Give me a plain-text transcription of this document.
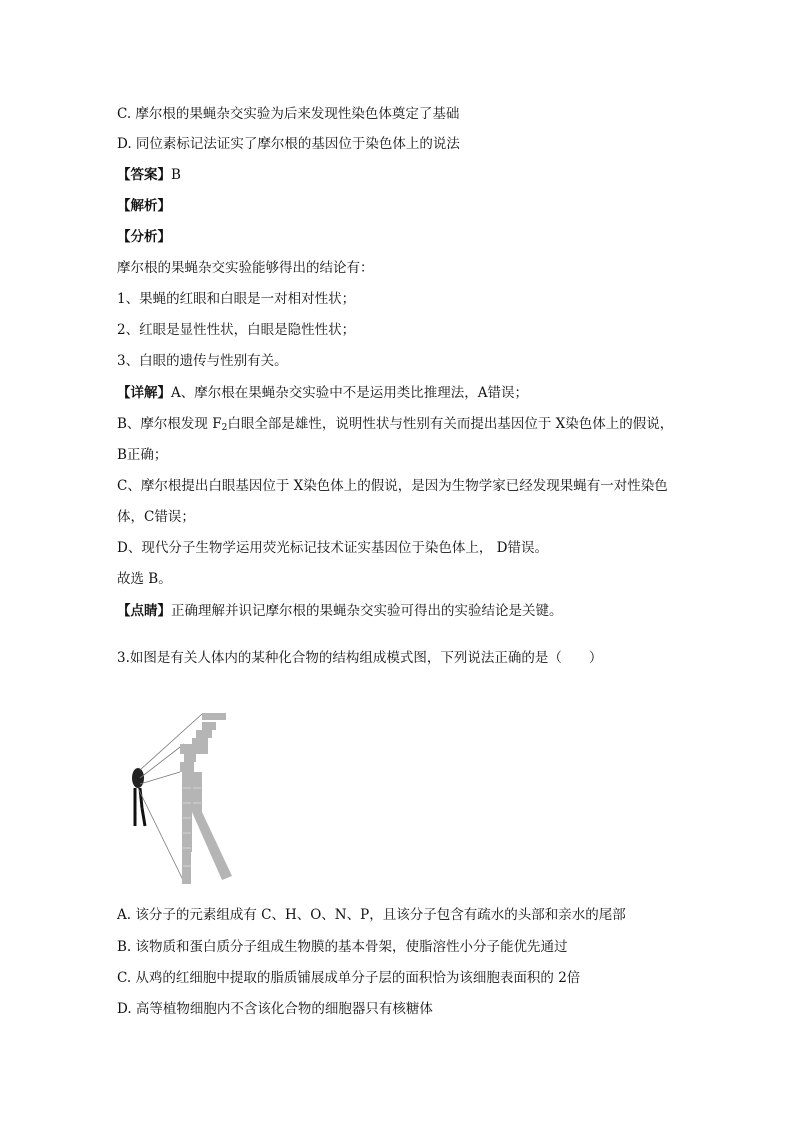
C. 摩尔根的果蝇杂交实验为后来发现性染色体奠定了基础
D. 同位素标记法证实了摩尔根的基因位于染色体上的说法
【答案】B
【解析】
【分析】
摩尔根的果蝇杂交实验能够得出的结论有：
1、果蝇的红眼和白眼是一对相对性状；
2、红眼是显性性状，白眼是隐性性状；
3、白眼的遗传与性别有关。
【详解】A、摩尔根在果蝇杂交实验中不是运用类比推理法，A错误；
B、摩尔根发现 $F_2$白眼全部是雄性，说明性状与性别有关而提出基因位于 X染色体上的假说，
B正确；
C、摩尔根提出白眼基因位于 X染色体上的假说，是因为生物学家已经发现果蝇有一对性染色
体，C错误；
D、现代分子生物学运用荧光标记技术证实基因位于染色体上， D错误。
故选 B。
【点睛】正确理解并识记摩尔根的果蝇杂交实验可得出的实验结论是关键。
3.如图是有关人体内的某种化合物的结构组成模式图，下列说法正确的是（　　）
A. 该分子的元素组成有 C、H、O、N、P，且该分子包含有疏水的头部和亲水的尾部
B. 该物质和蛋白质分子组成生物膜的基本骨架，使脂溶性小分子能优先通过
C. 从鸡的红细胞中提取的脂质铺展成单分子层的面积恰为该细胞表面积的 2倍
D. 高等植物细胞内不含该化合物的细胞器只有核糖体
